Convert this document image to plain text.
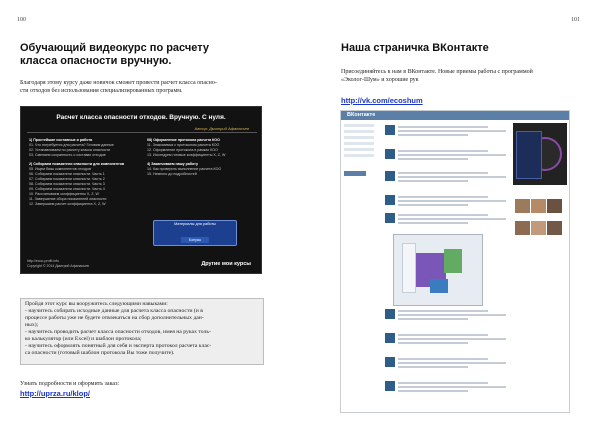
100
Обучающий видеокурс по расчету
класса опасности вручную.
Благодаря этому курсу даже новичок сможет провести расчет класса опасно-
сти отходов без использования специализированных программ.
Расчет класса опасности отходов. Вручную. С нуля.
Автор: Дмитрий Афанасьев
1) Простейшие составные и работа
01. Что потребуется для расчета? Готовим данные
02. Устанавливаем по расчету класса опасности
03. Сменяем сохранность о составах отходов
2) Собираем показатели опасности для компонентов
05. Ищем базы компонентов отходов
06. Собираем показатели опасности. Часть 1
07. Собираем показатели опасности. Часть 2
08. Собираем показатели опасности. Часть 3
09. Собираем показатели опасности. Часть 4
10. Рассчитываем коэффициенты Х, Z, W
11. Завершение сбора показателей опасности
12. Завершаем расчет коэффициента Х, Z, W
08) Оформление протокола расчета КОО
11. Знакомимся с протоколом расчета КОО
12. Оформление протокола в рамках КОО
13. Исследуем готовые коэффициенты Х, Z, W
4) Заканчиваем нашу работу
14. Как проверить выполнение расчета КОО
15. Немного до подробностей
Материалы для работы
Бонусы
http://ecoo-profit.info
Copyright © 2014 Дмитрий Афанасьев	Другие мои курсы
Пройдя этот курс вы вооружитесь следующими навыками:
- научитесь собирать исходные данные для расчета класса опасности (и в
процессе работы уже не будете отвлекаться на сбор дополнительных дан-
ных);
- научитесь проводить расчет класса опасности отходов, имея на руках толь-
ко калькулятор (или Excel) и шаблон протокола;
- научитесь оформлять понятный для себя и эксперта протокол расчета клас-
са опасности (готовый шаблон протокола Вы тоже получите).
Узнать подробности и оформить заказ:
http://uprza.ru/klop/
101
Наша страничка ВКонтакте
Присоединяйтесь к нам в ВКонтакте. Новые приемы работы с программой
«Эколог-Шум» и хорошие рук
http://vk.com/ecoshum
ВКонтакте
